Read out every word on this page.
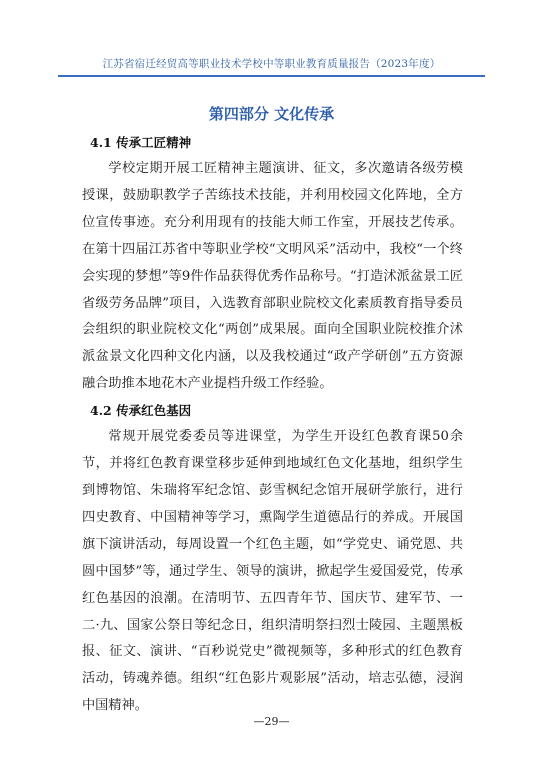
江苏省宿迁经贸高等职业技术学校中等职业教育质量报告（2023年度）
第四部分 文化传承
4.1 传承工匠精神

学校定期开展工匠精神主题演讲、征文，多次邀请各级劳模授课，鼓励职教学子苦练技术技能，并利用校园文化阵地，全方位宣传事迹。充分利用现有的技能大师工作室，开展技艺传承。在第十四届江苏省中等职业学校“文明风采”活动中，我校“一个终会实现的梦想”等9件作品获得优秀作品称号。“打造沭派盆景工匠省级劳务品牌”项目，入选教育部职业院校文化素质教育指导委员会组织的职业院校文化“两创”成果展。面向全国职业院校推介沭派盆景文化四种文化内涵，以及我校通过“政产学研创”五方资源融合助推本地花木产业提档升级工作经验。

4.2 传承红色基因

常规开展党委委员等进课堂，为学生开设红色教育课50余节，并将红色教育课堂移步延伸到地域红色文化基地，组织学生到博物馆、朱瑞将军纪念馆、彭雪枫纪念馆开展研学旅行，进行四史教育、中国精神等学习，熏陶学生道德品行的养成。开展国旗下演讲活动，每周设置一个红色主题，如“学党史、诵党恩、共圆中国梦”等，通过学生、领导的演讲，掀起学生爱国爱党，传承红色基因的浪潮。在清明节、五四青年节、国庆节、建军节、一二·九、国家公祭日等纪念日，组织清明祭扫烈士陵园、主题黑板报、征文、演讲、“百秒说党史”微视频等，多种形式的红色教育活动，铸魂养德。组织“红色影片观影展”活动，培志弘德，浸润中国精神。

—29—
